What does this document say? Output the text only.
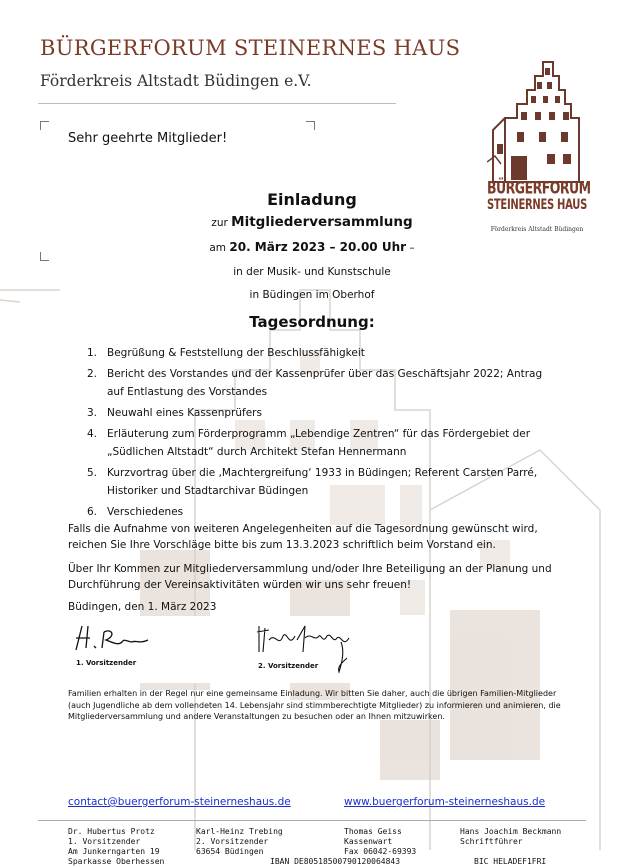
BÜRGERFORUM STEINERNES HAUS
Förderkreis Altstadt Büdingen e.V.
BÜRGERFORUM
STEINERNES HAUS
Förderkreis Altstadt Büdingen
Sehr geehrte Mitglieder!
Einladung
zur Mitgliederversammlung
am 20. März 2023 – 20.00 Uhr –
in der Musik- und Kunstschule
in Büdingen im Oberhof
Tagesordnung:
1. Begrüßung & Feststellung der Beschlussfähigkeit
2. Bericht des Vorstandes und der Kassenprüfer über das Geschäftsjahr 2022; Antrag auf Entlastung des Vorstandes
3. Neuwahl eines Kassenprüfers
4. Erläuterung zum Förderprogramm „Lebendige Zentren“ für das Fördergebiet der „Südlichen Altstadt“ durch Architekt Stefan Hennermann
5. Kurzvortrag über die ‚Machtergreifung‘ 1933 in Büdingen; Referent Carsten Parré, Historiker und Stadtarchivar Büdingen
6. Verschiedenes
Falls die Aufnahme von weiteren Angelegenheiten auf die Tagesordnung gewünscht wird, reichen Sie Ihre Vorschläge bitte bis zum 13.3.2023 schriftlich beim Vorstand ein.
Über Ihr Kommen zur Mitgliederversammlung und/oder Ihre Beteiligung an der Planung und Durchführung der Vereinsaktivitäten würden wir uns sehr freuen!
Büdingen, den 1. März 2023
1. Vorsitzender	2. Vorsitzender
Familien erhalten in der Regel nur eine gemeinsame Einladung. Wir bitten Sie daher, auch die übrigen Familien-Mitglieder (auch Jugendliche ab dem vollendeten 14. Lebensjahr sind stimmberechtigte Mitglieder) zu informieren und animieren, die Mitgliederversammlung und andere Veranstaltungen zu besuchen oder an Ihnen mitzuwirken.
contact@buergerforum-steinerneshaus.de	www.buergerforum-steinerneshaus.de
Dr. Hubertus Protz
1. Vorsitzender
Am Junkerngarten 19
Sparkasse Oberhessen
Karl-Heinz Trebing
2. Vorsitzender
63654 Büdingen
IBAN DE80518500790120064843
Thomas Geiss
Kassenwart
Fax 06042-69393
Hans Joachim Beckmann
Schriftführer
BIC HELADEF1FRI
